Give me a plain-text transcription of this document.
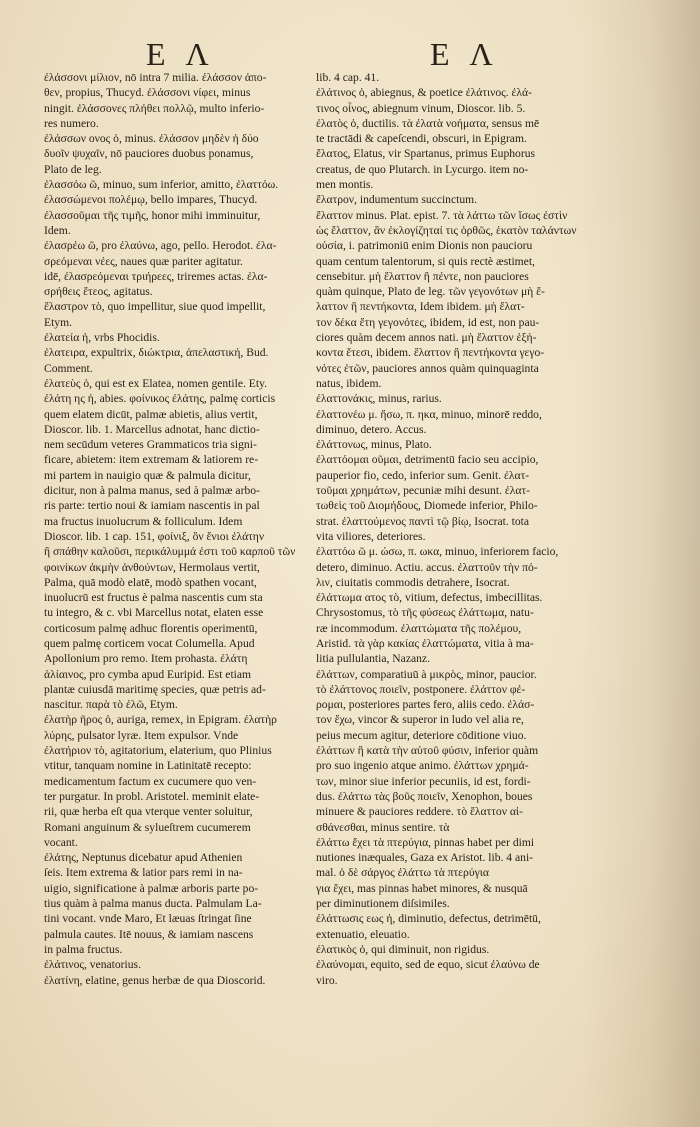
E Λ	E Λ
ἐλάσσονι μίλιον, nō intra 7 milia. ἐλάσσον ἀπο-
θεν, propius, Thucyd. ἐλάσσονι νίφει, minus
ningit. ἐλάσσονες πλήθει πολλῷ, multo inferio-
res numero.
ἐλάσσων ονος ὁ, minus. ἐλάσσον μηδὲν ἡ δύο
δυοῖν ψυχαῖν, nō pauciores duobus ponamus,
Plato de leg.
ἐλασσόω ῶ, minuo, sum inferior, amitto, ἐλαττόω.
ἐλασσώμενοι πολέμῳ, bello impares, Thucyd.
ἐλασσοῦμαι τῆς τιμῆς, honor mihi imminuitur,
Idem.
ἐλασρέω ῶ, pro ἐλαύνω, ago, pello. Herodot. ἐλα-
σρεόμεναι νέες, naues quæ pariter agitatur.
idē, ἐλασρεόμεναι τριήρεες, triremes actas. ἐλα-
σρήθεις ἔτεος, agitatus.
ἔλαστρον τὸ, quo impellitur, siue quod impellit,
Etym.
ἐλατεία ἡ, vrbs Phocidis.
ἐλατειρα, expultrix, διώκτρια, ἀπελαστική, Bud.
Comment.
ἐλατεὺς ὁ, qui est ex Elatea, nomen gentile. Ety.
ἐλάτη ης ἡ, abies. φοίνικος ἐλάτης, palmę corticis
quem elatem dicūt, palmæ abietis, alius vertit,
Dioscor. lib. 1. Marcellus adnotat, hanc dictio-
nem secūdum veteres Grammaticos tria signi-
ficare, abietem: item extremam & latiorem re-
mi partem in nauigio quæ & palmula dicitur,
dicitur, non à palma manus, sed à palmæ arbo-
ris parte: tertio noui & iamiam nascentis in pal
ma fructus inuolucrum & folliculum. Idem
Dioscor. lib. 1 cap. 151, φοίνιξ, ὃν ἔνιοι ἐλάτην
ἢ σπάθην καλοῦσι, περικάλυμμά ἐστι τοῦ καρποῦ τῶν
φοινίκων ἀκμὴν ἀνθούντων, Hermolaus vertit,
Palma, quā modò elatē, modò spathen vocant,
inuolucrū est fructus è palma nascentis cum sta
tu integro, & c. vbi Marcellus notat, elaten esse
corticosum palmę adhuc florentis operimentū,
quem palmę corticem vocat Columella. Apud
Apollonium pro remo. Item prohasta. ἐλάτη
ἁλίαινος, pro cymba apud Euripid. Est etiam
plantæ cuiusdā maritimę species, quæ petris ad-
nascitur. παρὰ τὸ ἐλῶ, Etym.
ἐλατὴρ ῆρος ὁ, auriga, remex, in Epigram. ἐλατὴρ
λύρης, pulsator lyræ. Item expulsor. Vnde
ἐλατήριον τὸ, agitatorium, elaterium, quo Plinius
vtitur, tanquam nomine in Latinitatē recepto:
medicamentum factum ex cucumere quo ven-
ter purgatur. In probl. Aristotel. meminit elate-
rii, quæ herba eſt qua vterque venter soluitur,
Romani anguinum & sylueſtrem cucumerem
vocant.
ἐλάτης, Neptunus dicebatur apud Athenien
ſeis. Item extrema & latior pars remi in na-
uigio, significatione à palmæ arboris parte po-
tius quàm à palma manus ducta. Palmulam La-
tini vocant. vnde Maro, Et læuas ſtringat ſine
palmula cautes. Itē nouus, & iamiam nascens
in palma fructus.
ἐλάτινος, venatorius.
ἐλατίνη, elatine, genus herbæ de qua Dioscorid.
lib. 4 cap. 41.
ἐλάτινος ὁ, abiegnus, & poetice ἐλάτινος. ἐλά-
τινος οἶνος, abiegnum vinum, Dioscor. lib. 5.
ἐλατὸς ὁ, ductilis. τὰ ἐλατὰ νοήματα, sensus mē
te tractādi & capeſcendi, obscuri, in Epigram.
ἔλατος, Elatus, vir Spartanus, primus Euphorus
creatus, de quo Plutarch. in Lycurgo. item no-
men montis.
ἔλατρον, indumentum succinctum.
ἔλαττον minus. Plat. epist. 7. τὰ λάττω τῶν ἴσως ἐστὶν
ὡς ἔλαττον, ἂν ἐκλογίζηταί τις ὀρθῶς, ἑκατὸν ταλάντων
οὐσία, i. patrimoniū enim Dionis non paucioru
quam centum talentorum, si quis rectè æstimet,
censebitur. μὴ ἔλαττον ἢ πέντε, non pauciores
quàm quinque, Plato de leg. τῶν γεγονότων μὴ ἔ-
λαττον ἢ πεντήκοντα, Idem ibidem. μὴ ἔλατ-
τον δέκα ἔτη γεγονότες, ibidem, id est, non pau-
ciores quàm decem annos nati. μὴ ἔλαττον ἑξή-
κοντα ἔτεσι, ibidem. ἔλαττον ἢ πεντήκοντα γεγο-
νότες ἐτῶν, pauciores annos quàm quinquaginta
natus, ibidem.
ἐλαττονάκις, minus, rarius.
ἐλαττονέω μ. ἤσω, π. ηκα, minuo, minorē reddo,
diminuo, detero. Accus.
ἐλάττονως, minus, Plato.
ἐλαττόομαι οῦμαι, detrimentū facio seu accipio,
pauperior fio, cedo, inferior sum. Genit. ἐλατ-
τοῦμαι χρημάτων, pecuniæ mihi desunt. ἐλατ-
τωθεὶς τοῦ Διομήδους, Diomede inferior, Philo-
strat. ἐλαττούμενος παντὶ τῷ βίῳ, Isocrat. tota
vita viliores, deteriores.
ἐλαττόω ῶ μ. ώσω, π. ωκα, minuo, inferiorem facio,
detero, diminuo. Actiu. accus. ἐλαττοῦν τὴν πό-
λιν, ciuitatis commodis detrahere, Isocrat.
ἐλάττωμα ατος τὸ, vitium, defectus, imbecillitas.
Chrysostomus, τὸ τῆς φύσεως ἐλάττωμα, natu-
ræ incommodum. ἐλαττώματα τῆς πολέμου,
Aristid. τὰ γὰρ κακίας ἐλαττώματα, vitia à ma-
litia pullulantia, Nazanz.
ἐλάττων, comparatiuū à μικρὸς, minor, paucior.
τὸ ἐλάττονος ποιεῖν, postponere. ἐλάττον φέ-
ρομαι, posteriores partes fero, aliis cedo. ἐλάσ-
τον ἔχω, vincor & superor in ludo vel alia re,
peius mecum agitur, deteriore cōditione viuo.
ἐλάττων ἢ κατὰ τὴν αὑτοῦ φύσιν, inferior quàm
pro suo ingenio atque animo. ἐλάττων χρημά-
των, minor siue inferior pecuniis, id est, fordi-
dus. ἐλάττω τὰς βοῦς ποιεῖν, Xenophon, boues
minuere & pauciores reddere. τὸ ἔλαττον αἰ-
σθάνεσθαι, minus sentire. τὰ
ἐλάττω ἔχει τὰ πτερύγια, pinnas habet per dimi
nutiones inæquales, Gaza ex Aristot. lib. 4 ani-
mal. ὁ δὲ σάργος ἐλάττω τὰ πτερύγια
για ἔχει, mas pinnas habet minores, & nusquā
per diminutionem diſsimiles.
ἐλάττωσις εως ἡ, diminutio, defectus, detrimētū,
extenuatio, eleuatio.
ἐλατικὸς ὁ, qui diminuit, non rigidus.
ἐλαύνομαι, equito, sed de equo, sicut ἐλαύνω de
viro.
